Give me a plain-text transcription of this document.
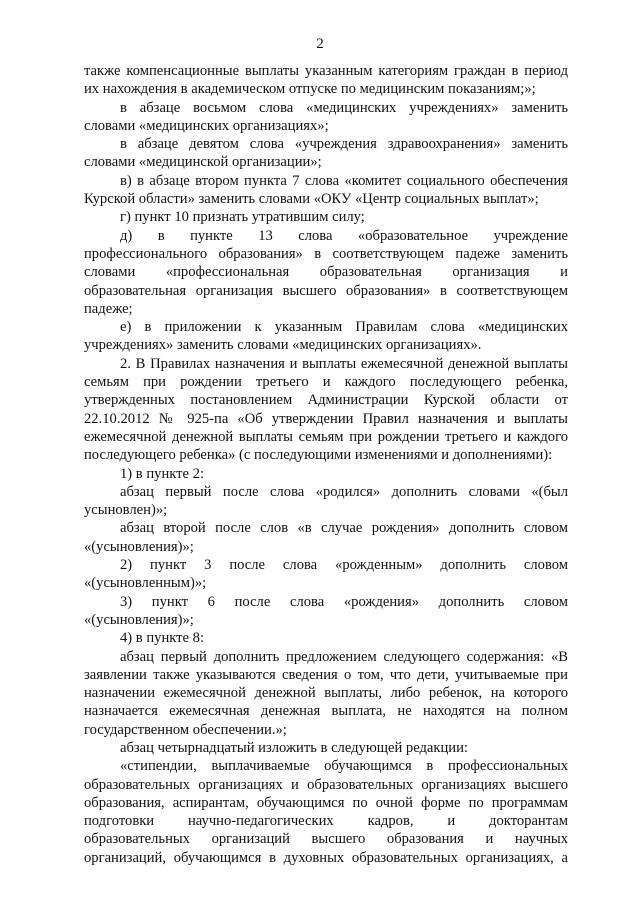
2
также компенсационные выплаты указанным категориям граждан в период
их нахождения в академическом отпуске по медицинским показаниям;»;
в абзаце восьмом слова «медицинских учреждениях» заменить
словами «медицинских организациях»;
в абзаце девятом слова «учреждения здравоохранения» заменить
словами «медицинской организации»;
в) в абзаце втором пункта 7 слова «комитет социального обеспечения
Курской области» заменить словами «ОКУ «Центр социальных выплат»;
г) пункт 10 признать утратившим силу;
д) в пункте 13 слова «образовательное учреждение
профессионального образования» в соответствующем падеже заменить
словами «профессиональная образовательная организация и
образовательная организация высшего образования» в соответствующем
падеже;
е) в приложении к указанным Правилам слова «медицинских
учреждениях» заменить словами «медицинских организациях».
2. В Правилах назначения и выплаты ежемесячной денежной выплаты
семьям при рождении третьего и каждого последующего ребенка,
утвержденных постановлением Администрации Курской области от
22.10.2012 № 925-па «Об утверждении Правил назначения и выплаты
ежемесячной денежной выплаты семьям при рождении третьего и каждого
последующего ребенка» (с последующими изменениями и дополнениями):
1) в пункте 2:
абзац первый после слова «родился» дополнить словами «(был
усыновлен)»;
абзац второй после слов «в случае рождения» дополнить словом
«(усыновления)»;
2) пункт 3 после слова «рожденным» дополнить словом
«(усыновленным)»;
3) пункт 6 после слова «рождения» дополнить словом
«(усыновления)»;
4) в пункте 8:
абзац первый дополнить предложением следующего содержания: «В
заявлении также указываются сведения о том, что дети, учитываемые при
назначении ежемесячной денежной выплаты, либо ребенок, на которого
назначается ежемесячная денежная выплата, не находятся на полном
государственном обеспечении.»;
абзац четырнадцатый изложить в следующей редакции:
«стипендии, выплачиваемые обучающимся в профессиональных
образовательных организациях и образовательных организациях высшего
образования, аспирантам, обучающимся по очной форме по программам
подготовки научно-педагогических кадров, и докторантам
образовательных организаций высшего образования и научных
организаций, обучающимся в духовных образовательных организациях, а
